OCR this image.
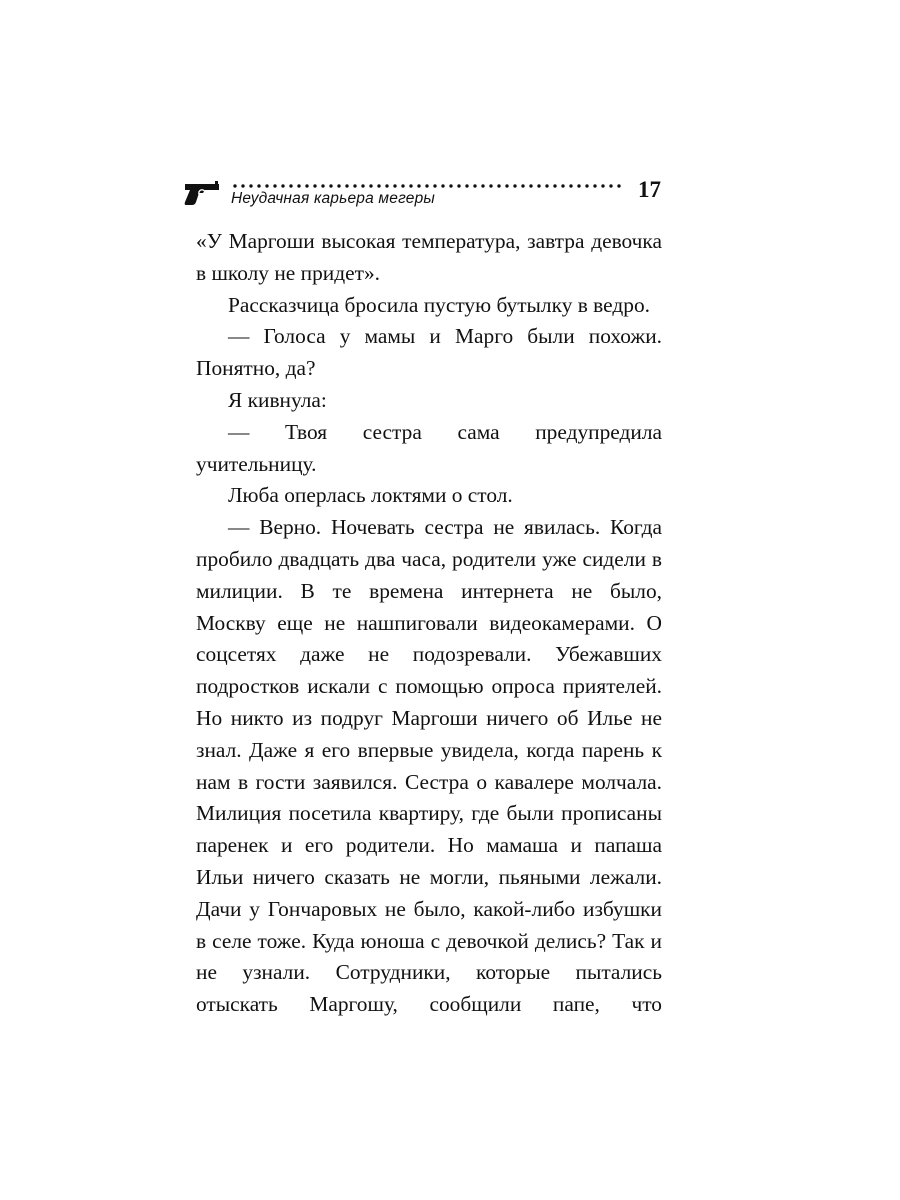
Неудачная карьера мегеры	17

«У Маргоши высокая температура, завтра девочка в школу не придет».

Рассказчица бросила пустую бутылку в ведро.

— Голоса у мамы и Марго были похожи. Понятно, да?

Я кивнула:

— Твоя сестра сама предупредила учительницу.

Люба оперлась локтями о стол.

— Верно. Ночевать сестра не явилась. Когда пробило двадцать два часа, родители уже сидели в милиции. В те времена интернета не было, Москву еще не нашпиговали видеокамерами. О соцсетях даже не подозревали. Убежавших подростков искали с помощью опроса приятелей. Но никто из подруг Маргоши ничего об Илье не знал. Даже я его впервые увидела, когда парень к нам в гости заявился. Сестра о кавалере молчала. Милиция посетила квартиру, где были прописаны паренек и его родители. Но мамаша и папаша Ильи ничего сказать не могли, пьяными лежали. Дачи у Гончаровых не было, какой-либо избушки в селе тоже. Куда юноша с девочкой делись? Так и не узнали. Сотрудники, которые пытались отыскать Маргошу, сообщили папе, что
